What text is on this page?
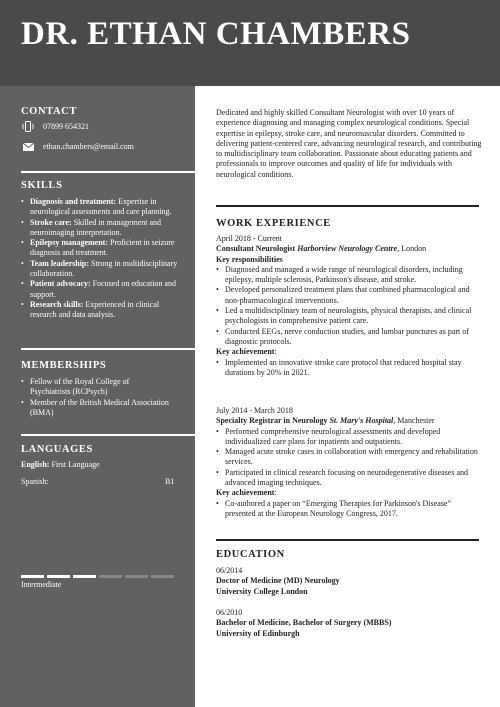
DR. ETHAN CHAMBERS
CONTACT
07899 654321
ethan.chambers@email.com
SKILLS
• Diagnosis and treatment: Expertise in neurological assessments and care planning.
• Stroke care: Skilled in management and neuroimaging interpretation.
• Epilepsy management: Proficient in seizure diagnosis and treatment.
• Team leadership: Strong in multidisciplinary collaboration.
• Patient advocacy: Focused on education and support.
• Research skills: Experienced in clinical research and data analysis.
MEMBERSHIPS
• Fellow of the Royal College of Psychiatrists (RCPsych)
• Member of the British Medical Association (BMA)
LANGUAGES
English: First Language
Spanish:	B1
Intermediate
Dedicated and highly skilled Consultant Neurologist with over 10 years of experience diagnosing and managing complex neurological conditions. Special expertise in epilepsy, stroke care, and neuromuscular disorders. Committed to delivering patient-centered care, advancing neurological research, and contributing to multidisciplinary team collaboration. Passionate about educating patients and professionals to improve outcomes and quality of life for individuals with neurological conditions.
WORK EXPERIENCE
April 2018 - Current
Consultant Neurologist Harborview Neurology Centre, London
Key responsibilities
• Diagnosed and managed a wide range of neurological disorders, including epilepsy, multiple sclerosis, Parkinson's disease, and stroke.
• Developed personalized treatment plans that combined pharmacological and non-pharmacological interventions.
• Led a multidisciplinary team of neurologists, physical therapists, and clinical psychologists in comprehensive patient care.
• Conducted EEGs, nerve conduction studies, and lumbar punctures as part of diagnostic protocols.
Key achievement:
• Implemented an innovative stroke care protocol that reduced hospital stay durations by 20% in 2021.
July 2014 - March 2018
Specialty Registrar in Neurology St. Mary's Hospital, Manchester
• Performed comprehensive neurological assessments and developed individualized care plans for inpatients and outpatients.
• Managed acute stroke cases in collaboration with emergency and rehabilitation services.
• Participated in clinical research focusing on neurodegenerative diseases and advanced imaging techniques.
Key achievement:
• Co-authored a paper on “Emerging Therapies for Parkinson's Disease” presented at the European Neurology Congress, 2017.
EDUCATION
06/2014
Doctor of Medicine (MD) Neurology
University College London
06/2010
Bachelor of Medicine, Bachelor of Surgery (MBBS)
University of Edinburgh
